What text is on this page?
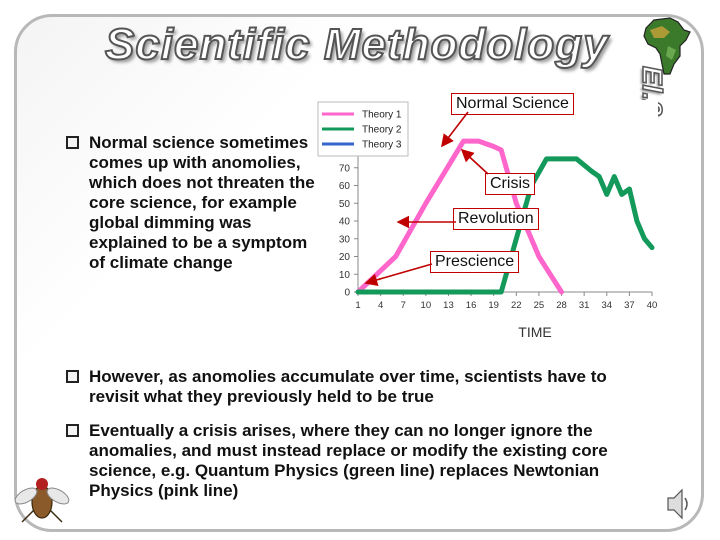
Scientific Methodology
El.2
Normal science sometimes comes up with anomolies, which does not threaten the core science, for example global dimming was explained to be a symptom of climate change
0
10
20
30
40
50
60
70
1 4 7 10 13 16 19 22 25 28 31 34 37 40
TIME
Theory 1
Theory 2
Theory 3
Normal Science
Crisis
Revolution
Prescience
However, as anomolies accumulate over time, scientists have to revisit what they previously held to be true
Eventually a crisis arises, where they can no longer ignore the anomalies, and must instead replace or modify the existing core science, e.g. Quantum Physics (green line) replaces Newtonian Physics (pink line)
